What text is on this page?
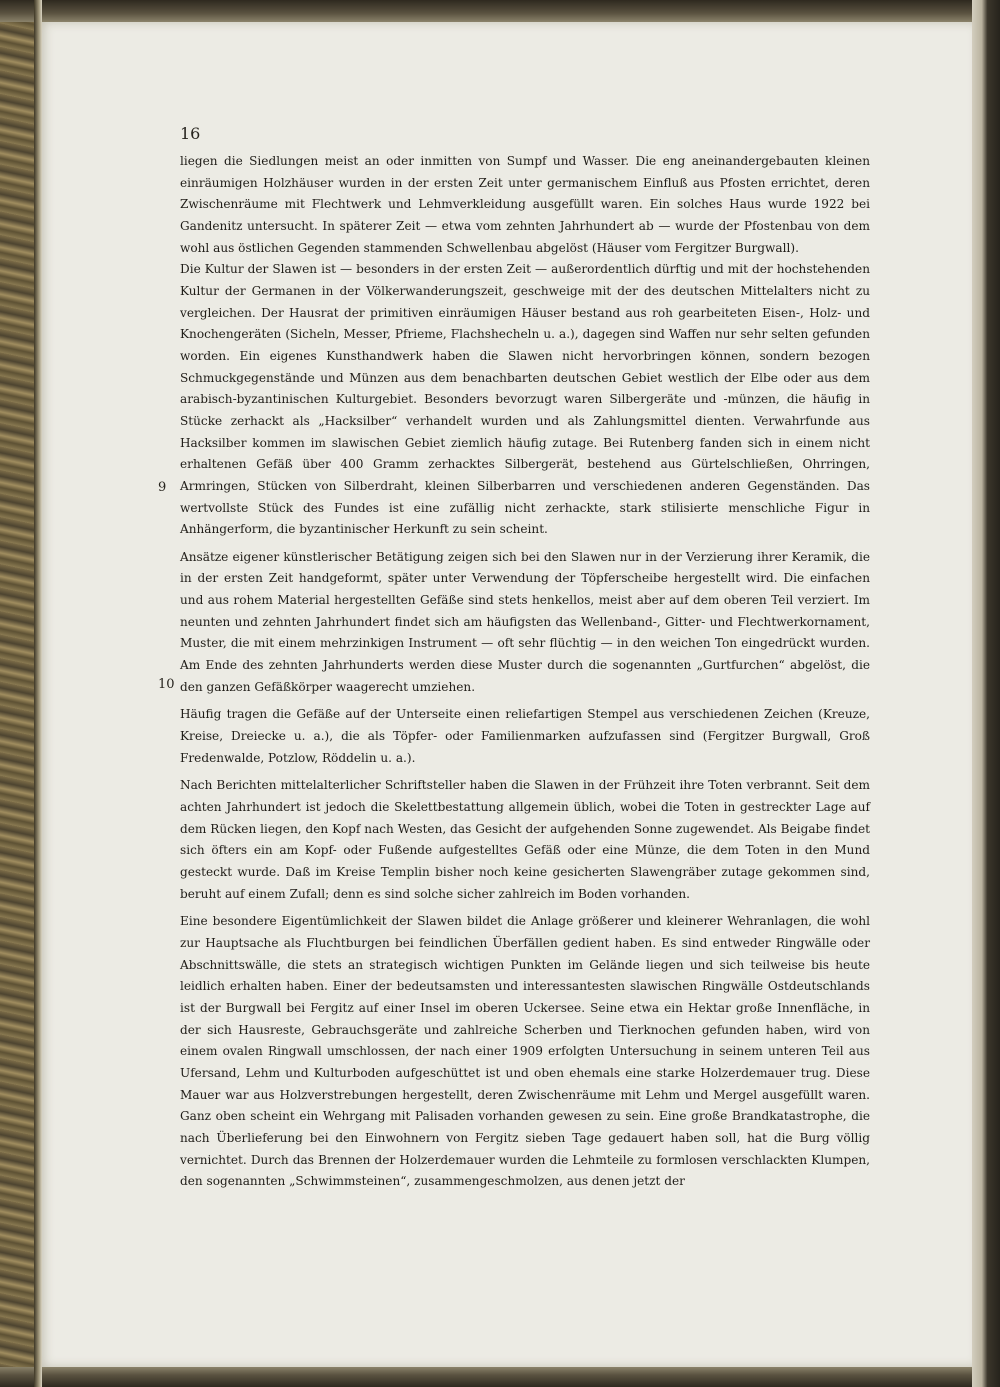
16
9
10

liegen die Siedlungen meist an oder inmitten von Sumpf und Wasser. Die eng aneinandergebauten kleinen einräumigen Holzhäuser wurden in der ersten Zeit unter germanischem Einfluß aus Pfosten errichtet, deren Zwischenräume mit Flechtwerk und Lehmverkleidung ausgefüllt waren. Ein solches Haus wurde 1922 bei Gandenitz untersucht. In späterer Zeit — etwa vom zehnten Jahrhundert ab — wurde der Pfostenbau von dem wohl aus östlichen Gegenden stammenden Schwellenbau abgelöst (Häuser vom Fergitzer Burgwall).

Die Kultur der Slawen ist — besonders in der ersten Zeit — außerordentlich dürftig und mit der hochstehenden Kultur der Germanen in der Völkerwanderungszeit, geschweige mit der des deutschen Mittelalters nicht zu vergleichen. Der Hausrat der primitiven einräumigen Häuser bestand aus roh gearbeiteten Eisen-, Holz- und Knochengeräten (Sicheln, Messer, Pfrieme, Flachshecheln u. a.), dagegen sind Waffen nur sehr selten gefunden worden. Ein eigenes Kunsthandwerk haben die Slawen nicht hervorbringen können, sondern bezogen Schmuckgegenstände und Münzen aus dem benachbarten deutschen Gebiet westlich der Elbe oder aus dem arabisch-byzantinischen Kulturgebiet. Besonders bevorzugt waren Silbergeräte und -münzen, die häufig in Stücke zerhackt als „Hacksilber“ verhandelt wurden und als Zahlungsmittel dienten. Verwahrfunde aus Hacksilber kommen im slawischen Gebiet ziemlich häufig zutage. Bei Rutenberg fanden sich in einem nicht erhaltenen Gefäß über 400 Gramm zerhacktes Silbergerät, bestehend aus Gürtelschließen, Ohrringen, Armringen, Stücken von Silberdraht, kleinen Silberbarren und verschiedenen anderen Gegenständen. Das wertvollste Stück des Fundes ist eine zufällig nicht zerhackte, stark stilisierte menschliche Figur in Anhängerform, die byzantinischer Herkunft zu sein scheint.

Ansätze eigener künstlerischer Betätigung zeigen sich bei den Slawen nur in der Verzierung ihrer Keramik, die in der ersten Zeit handgeformt, später unter Verwendung der Töpferscheibe hergestellt wird. Die einfachen und aus rohem Material hergestellten Gefäße sind stets henkellos, meist aber auf dem oberen Teil verziert. Im neunten und zehnten Jahrhundert findet sich am häufigsten das Wellenband-, Gitter- und Flechtwerkornament, Muster, die mit einem mehrzinkigen Instrument — oft sehr flüchtig — in den weichen Ton eingedrückt wurden. Am Ende des zehnten Jahrhunderts werden diese Muster durch die sogenannten „Gurtfurchen“ abgelöst, die den ganzen Gefäßkörper waagerecht umziehen.

Häufig tragen die Gefäße auf der Unterseite einen reliefartigen Stempel aus verschiedenen Zeichen (Kreuze, Kreise, Dreiecke u. a.), die als Töpfer- oder Familienmarken aufzufassen sind (Fergitzer Burgwall, Groß Fredenwalde, Potzlow, Röddelin u. a.).

Nach Berichten mittelalterlicher Schriftsteller haben die Slawen in der Frühzeit ihre Toten verbrannt. Seit dem achten Jahrhundert ist jedoch die Skelettbestattung allgemein üblich, wobei die Toten in gestreckter Lage auf dem Rücken liegen, den Kopf nach Westen, das Gesicht der aufgehenden Sonne zugewendet. Als Beigabe findet sich öfters ein am Kopf- oder Fußende aufgestelltes Gefäß oder eine Münze, die dem Toten in den Mund gesteckt wurde. Daß im Kreise Templin bisher noch keine gesicherten Slawengräber zutage gekommen sind, beruht auf einem Zufall; denn es sind solche sicher zahlreich im Boden vorhanden.

Eine besondere Eigentümlichkeit der Slawen bildet die Anlage größerer und kleinerer Wehranlagen, die wohl zur Hauptsache als Fluchtburgen bei feindlichen Überfällen gedient haben. Es sind entweder Ringwälle oder Abschnittswälle, die stets an strategisch wichtigen Punkten im Gelände liegen und sich teilweise bis heute leidlich erhalten haben. Einer der bedeutsamsten und interessantesten slawischen Ringwälle Ostdeutschlands ist der Burgwall bei Fergitz auf einer Insel im oberen Uckersee. Seine etwa ein Hektar große Innenfläche, in der sich Hausreste, Gebrauchsgeräte und zahlreiche Scherben und Tierknochen gefunden haben, wird von einem ovalen Ringwall umschlossen, der nach einer 1909 erfolgten Untersuchung in seinem unteren Teil aus Ufersand, Lehm und Kulturboden aufgeschüttet ist und oben ehemals eine starke Holzerdemauer trug. Diese Mauer war aus Holzverstrebungen hergestellt, deren Zwischenräume mit Lehm und Mergel ausgefüllt waren. Ganz oben scheint ein Wehrgang mit Palisaden vorhanden gewesen zu sein. Eine große Brandkatastrophe, die nach Überlieferung bei den Einwohnern von Fergitz sieben Tage gedauert haben soll, hat die Burg völlig vernichtet. Durch das Brennen der Holzerdemauer wurden die Lehmteile zu formlosen verschlackten Klumpen, den sogenannten „Schwimmsteinen“, zusammengeschmolzen, aus denen jetzt der
